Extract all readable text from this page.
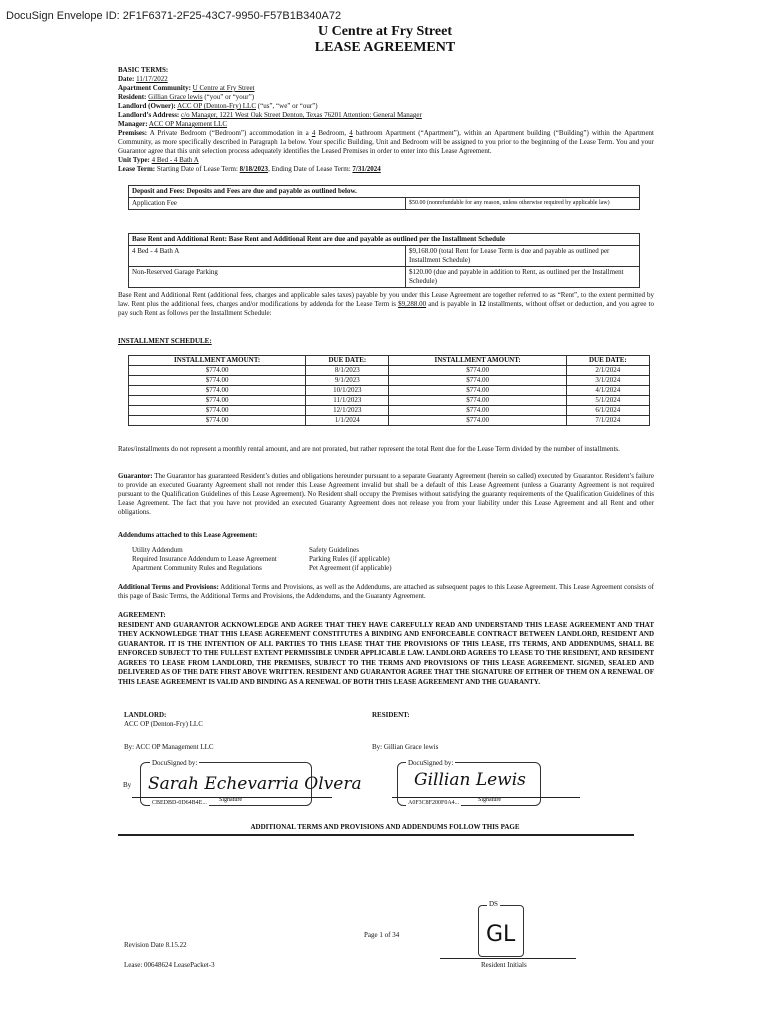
DocuSign Envelope ID: 2F1F6371-2F25-43C7-9950-F57B1B340A72
U Centre at Fry Street
LEASE AGREEMENT
BASIC TERMS:
Date: 11/17/2022
Apartment Community: U Centre at Fry Street
Resident: Gillian Grace lewis (“you” or “your”)
Landlord (Owner): ACC OP (Denton-Fry) LLC (“us”, “we” or “our”)
Landlord’s Address: c/o Manager, 1221 West Oak Street Denton, Texas 76201 Attention: General Manager
Manager: ACC OP Management LLC
Premises: A Private Bedroom (“Bedroom”) accommodation in a 4 Bedroom, 4 bathroom Apartment (“Apartment”), within an Apartment building (“Building”) within the Apartment Community, as more specifically described in Paragraph 1a below. Your specific Building, Unit and Bedroom will be assigned to you prior to the beginning of the Lease Term. You and your Guarantor agree that this unit selection process adequately identifies the Leased Premises in order to enter into this Lease Agreement.
Unit Type: 4 Bed - 4 Bath A
Lease Term: Starting Date of Lease Term: 8/18/2023, Ending Date of Lease Term: 7/31/2024
Deposit and Fees: Deposits and Fees are due and payable as outlined below.
Application Fee	$50.00 (nonrefundable for any reason, unless otherwise required by applicable law)
Base Rent and Additional Rent: Base Rent and Additional Rent are due and payable as outlined per the Installment Schedule	
4 Bed - 4 Bath A	$9,168.00 (total Rent for Lease Term is due and payable as outlined per Installment Schedule)
Non-Reserved Garage Parking	$120.00 (due and payable in addition to Rent, as outlined per the Installment Schedule)
Base Rent and Additional Rent (additional fees, charges and applicable sales taxes) payable by you under this Lease Agreement are together referred to as “Rent”, to the extent permitted by law. Rent plus the additional fees, charges and/or modifications by addenda for the Lease Term is $9,288.00 and is payable in 12 installments, without offset or deduction, and you agree to pay such Rent as follows per the Installment Schedule:
INSTALLMENT SCHEDULE:
INSTALLMENT AMOUNT:	DUE DATE:	INSTALLMENT AMOUNT:	DUE DATE:
$774.00	8/1/2023	$774.00	2/1/2024
$774.00	9/1/2023	$774.00	3/1/2024
$774.00	10/1/2023	$774.00	4/1/2024
$774.00	11/1/2023	$774.00	5/1/2024
$774.00	12/1/2023	$774.00	6/1/2024
$774.00	1/1/2024	$774.00	7/1/2024
Rates/installments do not represent a monthly rental amount, and are not prorated, but rather represent the total Rent due for the Lease Term divided by the number of installments.
Guarantor: The Guarantor has guaranteed Resident’s duties and obligations hereunder pursuant to a separate Guaranty Agreement (herein so called) executed by Guarantor. Resident’s failure to provide an executed Guaranty Agreement shall not render this Lease Agreement invalid but shall be a default of this Lease Agreement (unless a Guaranty Agreement is not required pursuant to the Qualification Guidelines of this Lease Agreement). No Resident shall occupy the Premises without satisfying the guaranty requirements of the Qualification Guidelines of this Lease Agreement. The fact that you have not provided an executed Guaranty Agreement does not release you from your liability under this Lease Agreement and all Rent and other obligations.
Addendums attached to this Lease Agreement:
Utility Addendum
Required Insurance Addendum to Lease Agreement
Apartment Community Rules and Regulations
Safety Guidelines
Parking Rules (if applicable)
Pet Agreement (if applicable)
Additional Terms and Provisions: Additional Terms and Provisions, as well as the Addendums, are attached as subsequent pages to this Lease Agreement. This Lease Agreement consists of this page of Basic Terms, the Additional Terms and Provisions, the Addendums, and the Guaranty Agreement.
AGREEMENT:
RESIDENT AND GUARANTOR ACKNOWLEDGE AND AGREE THAT THEY HAVE CAREFULLY READ AND UNDERSTAND THIS LEASE AGREEMENT AND THAT THEY ACKNOWLEDGE THAT THIS LEASE AGREEMENT CONSTITUTES A BINDING AND ENFORCEABLE CONTRACT BETWEEN LANDLORD, RESIDENT AND GUARANTOR. IT IS THE INTENTION OF ALL PARTIES TO THIS LEASE THAT THE PROVISIONS OF THIS LEASE, ITS TERMS, AND ADDENDUMS, SHALL BE ENFORCED SUBJECT TO THE FULLEST EXTENT PERMISSIBLE UNDER APPLICABLE LAW. LANDLORD AGREES TO LEASE TO THE RESIDENT, AND RESIDENT AGREES TO LEASE FROM LANDLORD, THE PREMISES, SUBJECT TO THE TERMS AND PROVISIONS OF THIS LEASE AGREEMENT. SIGNED, SEALED AND DELIVERED AS OF THE DATE FIRST ABOVE WRITTEN. RESIDENT AND GUARANTOR AGREE THAT THE SIGNATURE OF EITHER OF THEM ON A RENEWAL OF THIS LEASE AGREEMENT IS VALID AND BINDING AS A RENEWAL OF BOTH THIS LEASE AGREEMENT AND THE GUARANTY.
LANDLORD:
ACC OP (Denton-Fry) LLC
RESIDENT:
By: ACC OP Management LLC	By: Gillian Grace lewis
DocuSigned by:
By Sarah Echevarria Olvera
CBEDBD-0D64B4E...	Signature
DocuSigned by:
Gillian Lewis
A0F3C8F200F0A4...	Signature
ADDITIONAL TERMS AND PROVISIONS AND ADDENDUMS FOLLOW THIS PAGE
DS
GL
Page 1 of 34
Revision Date 8.15.22
Lease: 00648624 LeasePacket-3	Resident Initials
